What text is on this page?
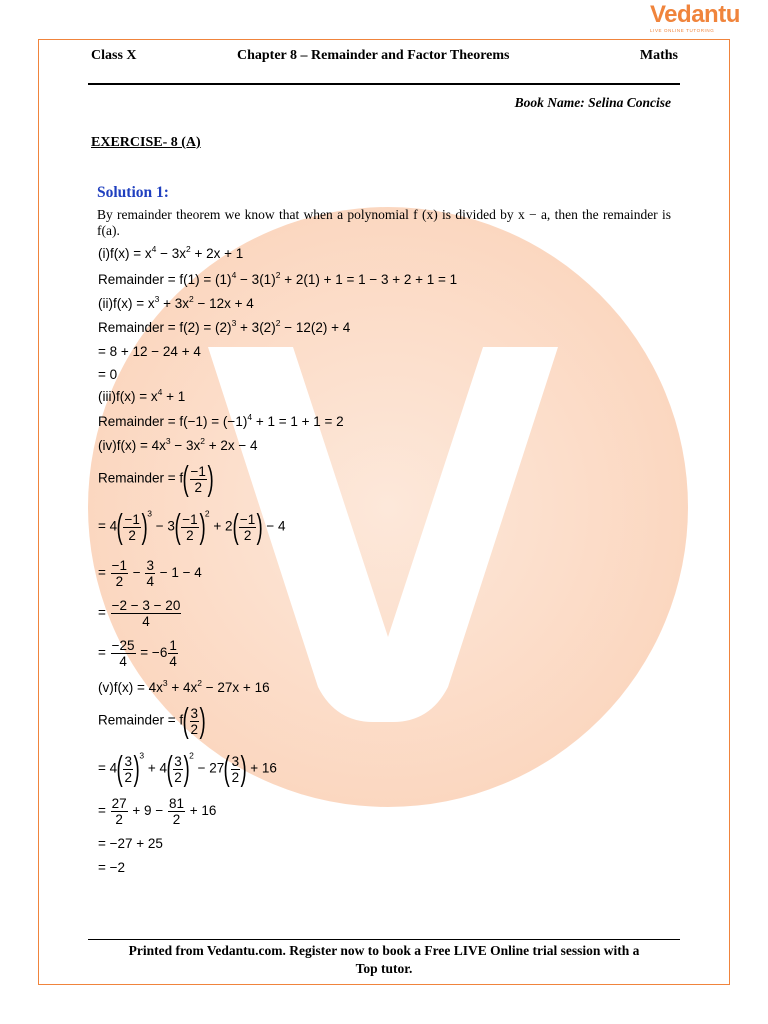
Vedantu
LIVE ONLINE TUTORING
Class X	Chapter 8 – Remainder and Factor Theorems	Maths
Book Name: Selina Concise
EXERCISE- 8 (A)
Solution 1:
By remainder theorem we know that when a polynomial f (x) is divided by x − a, then the remainder is f(a).
$(i)f(x) = x^4 - 3x^2 + 2x + 1$
Remainder = $f(1) = (1)^4 - 3(1)^2 + 2(1) + 1 = 1 - 3 + 2 + 1 = 1$
$(ii)f(x) = x^3 + 3x^2 - 12x + 4$
Remainder = $f(2) = (2)^3 + 3(2)^2 - 12(2) + 4$
= 8 + 12 − 24 + 4
= 0
$(iii)f(x) = x^4 + 1$
Remainder = $f(-1) = (-1)^4 + 1 = 1 + 1 = 2$
$(iv)f(x) = 4x^3 - 3x^2 + 2x - 4$
Remainder = $f( \frac{-1}{2}$ )
= $4( \frac{-1}{2} )^3 - 3( \frac{-1}{2} )^2 + 2( \frac{-1}{2}$ ) − 4
= $\frac{-1}{2} - \frac{3}{4} - 1 - 4$
= $\frac{-2 - 3 - 20}{4}$
= $\frac{-25}{4} = -6 \frac{1}{4}$
$(v)f(x) = 4x^3 + 4x^2 - 27x + 16$
Remainder = $f( \frac{3}{2}$ )
= $4( \frac{3}{2} )^3 + 4( \frac{3}{2} )^2 - 27( \frac{3}{2}$ ) + 16
= $\frac{27}{2} + 9 - \frac{81}{2} + 16$
= −27 + 25
= −2
Printed from Vedantu.com. Register now to book a Free LIVE Online trial session with a
Top tutor.
